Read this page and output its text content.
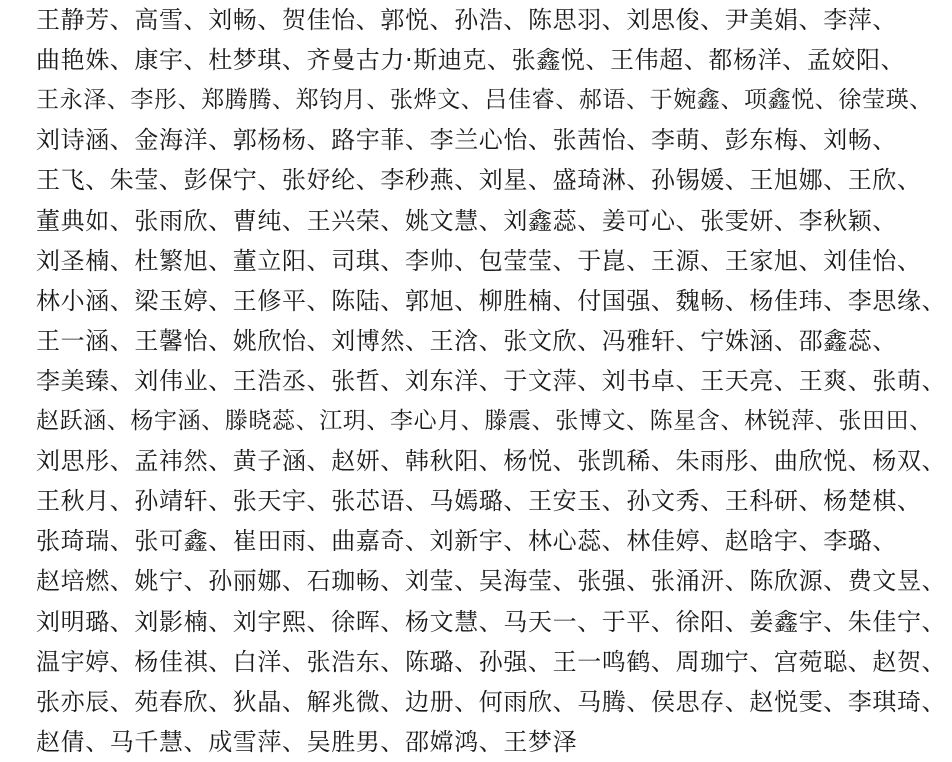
王静芳、高雪、刘畅、贺佳怡、郭悦、孙浩、陈思羽、刘思俊、尹美娟、李萍、
曲艳姝、康宇、杜梦琪、齐曼古力·斯迪克、张鑫悦、王伟超、都杨洋、孟姣阳、
王永泽、李彤、郑腾腾、郑钧月、张烨文、吕佳睿、郝语、于婉鑫、项鑫悦、徐莹瑛、
刘诗涵、金海洋、郭杨杨、路宇菲、李兰心怡、张茜怡、李萌、彭东梅、刘畅、
王飞、朱莹、彭保宁、张妤纶、李秒燕、刘星、盛琦淋、孙锡媛、王旭娜、王欣、
董典如、张雨欣、曹纯、王兴荣、姚文慧、刘鑫蕊、姜可心、张雯妍、李秋颖、
刘圣楠、杜繁旭、董立阳、司琪、李帅、包莹莹、于崑、王源、王家旭、刘佳怡、
林小涵、梁玉婷、王修平、陈陆、郭旭、柳胜楠、付国强、魏畅、杨佳玮、李思缘、
王一涵、王馨怡、姚欣怡、刘博然、王浛、张文欣、冯雅轩、宁姝涵、邵鑫蕊、
李美臻、刘伟业、王浩丞、张哲、刘东洋、于文萍、刘书卓、王天亮、王爽、张萌、
赵跃涵、杨宇涵、滕晓蕊、江玥、李心月、滕震、张博文、陈星含、林锐萍、张田田、
刘思彤、孟祎然、黄子涵、赵妍、韩秋阳、杨悦、张凯稀、朱雨彤、曲欣悦、杨双、
王秋月、孙靖轩、张天宇、张芯语、马嫣璐、王安玉、孙文秀、王科研、杨楚棋、
张琦瑞、张可鑫、崔田雨、曲嘉奇、刘新宇、林心蕊、林佳婷、赵晗宇、李璐、
赵培燃、姚宁、孙丽娜、石珈畅、刘莹、吴海莹、张强、张涌汧、陈欣源、费文昱、
刘明璐、刘影楠、刘宇熙、徐晖、杨文慧、马天一、于平、徐阳、姜鑫宇、朱佳宁、
温宇婷、杨佳祺、白洋、张浩东、陈璐、孙强、王一鸣鹤、周珈宁、宫菀聪、赵贺、
张亦辰、苑春欣、狄晶、解兆微、边册、何雨欣、马腾、侯思存、赵悦雯、李琪琦、
赵倩、马千慧、成雪萍、吴胜男、邵嫦鸿、王梦泽
